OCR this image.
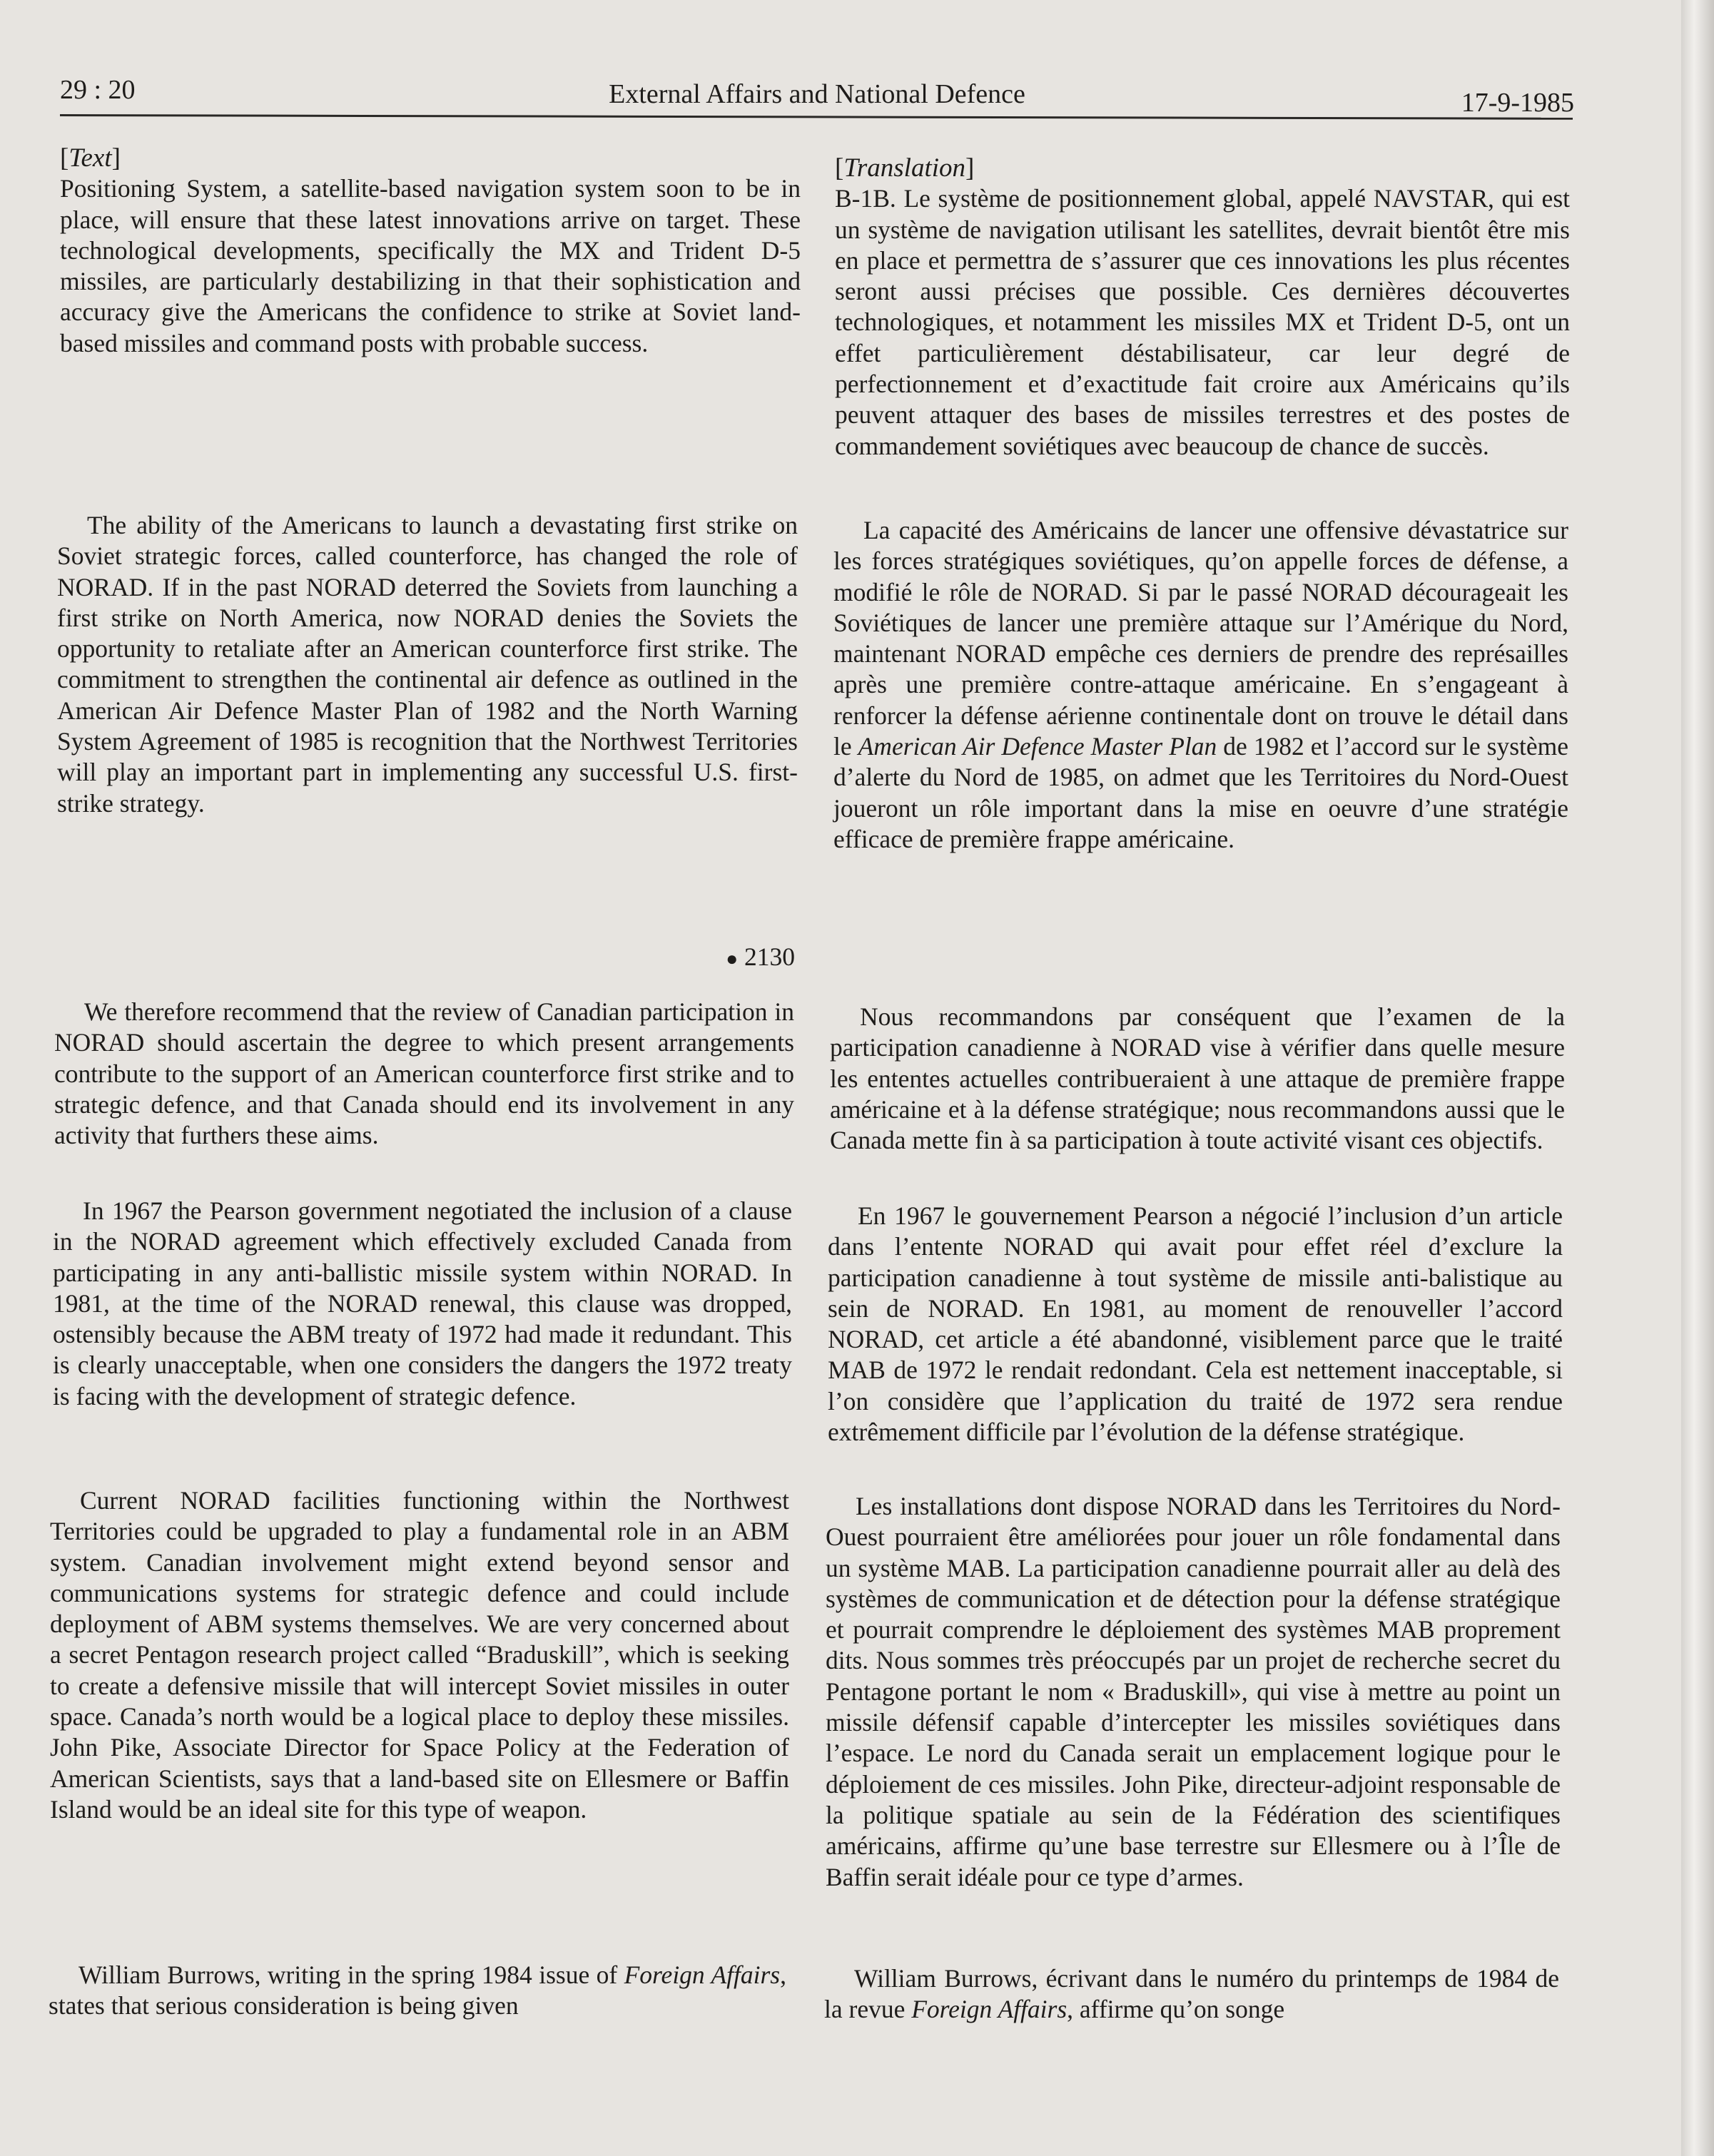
29 : 20	External Affairs and National Defence	17-9-1985

[Text]

Positioning System, a satellite-based navigation system soon to be in place, will ensure that these latest innovations arrive on target. These technological developments, specifically the MX and Trident D-5 missiles, are particularly destabilizing in that their sophistication and accuracy give the Americans the confidence to strike at Soviet land-based missiles and command posts with probable success.

The ability of the Americans to launch a devastating first strike on Soviet strategic forces, called counterforce, has changed the role of NORAD. If in the past NORAD deterred the Soviets from launching a first strike on North America, now NORAD denies the Soviets the opportunity to retaliate after an American counterforce first strike. The commitment to strengthen the continental air defence as outlined in the American Air Defence Master Plan of 1982 and the North Warning System Agreement of 1985 is recognition that the Northwest Territories will play an important part in implementing any successful U.S. first-strike strategy.

● 2130

We therefore recommend that the review of Canadian participation in NORAD should ascertain the degree to which present arrangements contribute to the support of an American counterforce first strike and to strategic defence, and that Canada should end its involvement in any activity that furthers these aims.

In 1967 the Pearson government negotiated the inclusion of a clause in the NORAD agreement which effectively excluded Canada from participating in any anti-ballistic missile system within NORAD. In 1981, at the time of the NORAD renewal, this clause was dropped, ostensibly because the ABM treaty of 1972 had made it redundant. This is clearly unacceptable, when one considers the dangers the 1972 treaty is facing with the development of strategic defence.

Current NORAD facilities functioning within the Northwest Territories could be upgraded to play a fundamental role in an ABM system. Canadian involvement might extend beyond sensor and communications systems for strategic defence and could include deployment of ABM systems themselves. We are very concerned about a secret Pentagon research project called “Braduskill”, which is seeking to create a defensive missile that will intercept Soviet missiles in outer space. Canada’s north would be a logical place to deploy these missiles. John Pike, Associate Director for Space Policy at the Federation of American Scientists, says that a land-based site on Ellesmere or Baffin Island would be an ideal site for this type of weapon.

William Burrows, writing in the spring 1984 issue of Foreign Affairs, states that serious consideration is being given

[Translation]

B-1B. Le système de positionnement global, appelé NAVSTAR, qui est un système de navigation utilisant les satellites, devrait bientôt être mis en place et permettra de s’assurer que ces innovations les plus récentes seront aussi précises que possible. Ces dernières découvertes technologiques, et notamment les missiles MX et Trident D-5, ont un effet particulièrement déstabilisateur, car leur degré de perfectionnement et d’exactitude fait croire aux Américains qu’ils peuvent attaquer des bases de missiles terrestres et des postes de commandement soviétiques avec beaucoup de chance de succès.

La capacité des Américains de lancer une offensive dévastatrice sur les forces stratégiques soviétiques, qu’on appelle forces de défense, a modifié le rôle de NORAD. Si par le passé NORAD décourageait les Soviétiques de lancer une première attaque sur l’Amérique du Nord, maintenant NORAD empêche ces derniers de prendre des représailles après une première contre-attaque américaine. En s’engageant à renforcer la défense aérienne continentale dont on trouve le détail dans le American Air Defence Master Plan de 1982 et l’accord sur le système d’alerte du Nord de 1985, on admet que les Territoires du Nord-Ouest joueront un rôle important dans la mise en oeuvre d’une stratégie efficace de première frappe américaine.

Nous recommandons par conséquent que l’examen de la participation canadienne à NORAD vise à vérifier dans quelle mesure les ententes actuelles contribueraient à une attaque de première frappe américaine et à la défense stratégique; nous recommandons aussi que le Canada mette fin à sa participation à toute activité visant ces objectifs.

En 1967 le gouvernement Pearson a négocié l’inclusion d’un article dans l’entente NORAD qui avait pour effet réel d’exclure la participation canadienne à tout système de missile anti-balistique au sein de NORAD. En 1981, au moment de renouveller l’accord NORAD, cet article a été abandonné, visiblement parce que le traité MAB de 1972 le rendait redondant. Cela est nettement inacceptable, si l’on considère que l’application du traité de 1972 sera rendue extrêmement difficile par l’évolution de la défense stratégique.

Les installations dont dispose NORAD dans les Territoires du Nord-Ouest pourraient être améliorées pour jouer un rôle fondamental dans un système MAB. La participation canadienne pourrait aller au delà des systèmes de communication et de détection pour la défense stratégique et pourrait comprendre le déploiement des systèmes MAB proprement dits. Nous sommes très préoccupés par un projet de recherche secret du Pentagone portant le nom « Braduskill», qui vise à mettre au point un missile défensif capable d’intercepter les missiles soviétiques dans l’espace. Le nord du Canada serait un emplacement logique pour le déploiement de ces missiles. John Pike, directeur-adjoint responsable de la politique spatiale au sein de la Fédération des scientifiques américains, affirme qu’une base terrestre sur Ellesmere ou à l’Île de Baffin serait idéale pour ce type d’armes.

William Burrows, écrivant dans le numéro du printemps de 1984 de la revue Foreign Affairs, affirme qu’on songe
